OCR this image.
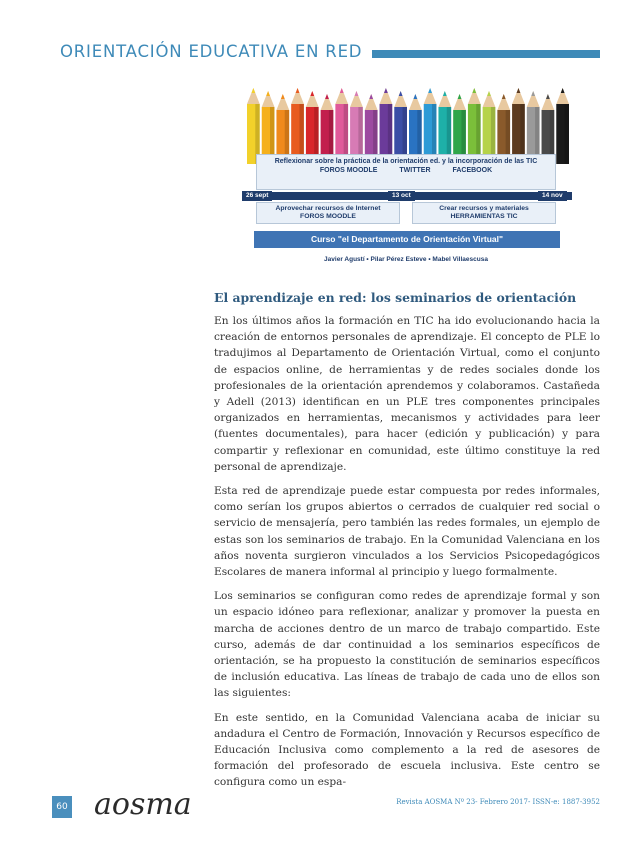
ORIENTACIÓN EDUCATIVA EN RED
Reflexionar sobre la práctica de la orientación ed. y la incorporación de las TIC
FOROS MOODLE	TWITTER	FACEBOOK
26 sept	13 oct	14 nov
Aprovechar recursos de Internet
FOROS MOODLE
Crear recursos y materiales
HERRAMIENTAS TIC
Curso "el Departamento de Orientación Virtual"
Javier Agustí • Pilar Pérez Esteve • Mabel Villaescusa
El aprendizaje en red: los seminarios de orientación

En los últimos años la formación en TIC ha ido evolucionando hacia la creación de entornos personales de aprendizaje. El concepto de PLE lo tradujimos al Departamento de Orientación Virtual, como el conjunto de espacios online, de herramientas y de redes sociales donde los profesionales de la orientación aprendemos y colaboramos. Castañeda y Adell (2013) identifican en un PLE tres componentes principales organizados en herramientas, mecanismos y actividades para leer (fuentes documentales), para hacer (edición y publicación) y para compartir y reflexionar en comunidad, este último constituye la red personal de aprendizaje.

Esta red de aprendizaje puede estar compuesta por redes informales, como serían los grupos abiertos o cerrados de cualquier red social o servicio de mensajería, pero también las redes formales, un ejemplo de estas son los seminarios de trabajo. En la Comunidad Valenciana en los años noventa surgieron vinculados a los Servicios Psicopedagógicos Escolares de manera informal al principio y luego formalmente.

Los seminarios se configuran como redes de aprendizaje formal y son un espacio idóneo para reflexionar, analizar y promover la puesta en marcha de acciones dentro de un marco de trabajo compartido. Este curso, además de dar continuidad a los seminarios específicos de orientación, se ha propuesto la constitución de seminarios específicos de inclusión educativa. Las líneas de trabajo de cada uno de ellos son las siguientes:

En este sentido, en la Comunidad Valenciana acaba de iniciar su andadura el Centro de Formación, Innovación y Recursos específico de Educación Inclusiva como complemento a la red de asesores de formación del profesorado de escuela inclusiva. Este centro se configura como un espa-

60 aosma	Revista AOSMA Nº 23- Febrero 2017- ISSN-e: 1887-3952
